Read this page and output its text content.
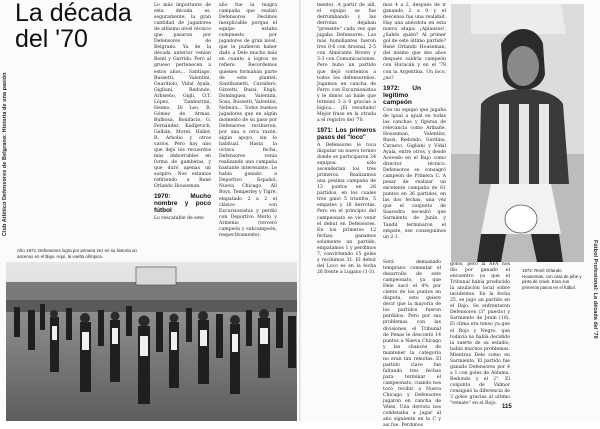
Club Atlético Defensores de Belgrano: Historia de una pasión
La década
del '70

Lo más importante de esta década es, seguramente, la gran cantidad de jugadores de altísimo nivel técnico que pasaron por Defensores de Belgrano. Ya de la década anterior venían Bonti y Garrido. Pero al grueso pertenecen a estos años... Santiago, Bussetti, Valentini, Guardiolo, Vidal Ayala, Gigliani, Redondo, Arbiseño, Gigli, O.T. López, Tamburrini, Heimo, Di Leo, R. Gómez de Armas, Bulhosa, Bonifacio, G. Fernández, Kadijevich, Galbán, Morel, Haller, R. Arbolio y otros varios. Pero hay uno que dejó los recuerdos más imborrables en forma de gambetas, y que duró apenas un suspiro. Nos estamos refiriendo a René Orlando Houseman.

1970: Mucho nombre y poco fútbol

Lo rescatable de este

año fue la magra campaña que realizó Defensores. Decimos inexplicable porque el equipo estaba compuesto por jugadores de gran nivel, que le pudieron haber dado a Dele mucho más en cuanto a logros se refiere. Recordemos quienes formaban parte de este plantel: Santibanetti, Cavallero, Gizzetti, Bussi, Engli, Domínguez, Valentini, Sosa, Bussetti, Valentini, Nebeira... Todos buenos jugadores que en algún momento de su paso por Defensores recibieron, por una u otra razón, algún apoyo, sin lo habitual. Hasta la octava fecha, Defensores venía realizando una campaña bastante interesante. Le había ganado a Deportivo Español, Nueva Chicago, All Boys, Temperley y Tigre, empatado 2 a 2 el clásico con Excursionistas y perdió con Deportivo Merlo y Armenio (tercero campeón y subcampeón, respectivamente).

Año 1972. Defensores logra por primera vez en su historia un ascenso en el Bajo. Aquí, la vuelta olímpica.

mente). A partir de allí, el equipo se fue derrumbando y las derrotas dejaban "presente" cada vez que jugaba Defensores. Las más humillantes fueron tres 0-6 con Arsenal, 2-5 con Almirante Brown y 3-3 con Comunicaciones. Pero hubo un partido que dejó contentos a todos los defensoreños. Jugamos en cancha de Ferro con Excursionistas y le dimos un baile que terminó 3 a 0 gracias a lógica... ¡El resultado! Mejor frase en la otrada a el registro del '70.

1971: Los primeros pasos del "loco"

A Defensores le toca disputar un nuevo torneo donde se participaron 24 equipos: sólo ascenderían los tres primeros. Realizamos una pésima campaña de 13 puntos en 26 partidos, en los cuales tres ganó 5 triunfos, 5 empates y 16 derrotas. Pero en el principio del campeonato se vio venir el debut en Defensores. En los primeros 12 fechas, ganamos solamente un partido, empatamos 1 y perdimos 7, convirtiendo 15 goles y recibimos 31. El debut del Loco es en la fecha 26 frente a Lugano (1-3).

Será demasiado temprano comentar el desarrollo de este campeonato, ya que Dele sacó el 4% por ciento de los puntos en disputa, esto quiere decir que la mayoría de los partidos fueron perdidos. Pero por sus problemas con las divisiones, el Tribunal de Penas le descontó 14 puntos a Nueva Chicago y las chances de mantener la categoría no eran tan remotas. El partido clave fue faltando tres fechas para terminar el campeonato, cuando nos tocó recibir a Nueva Chicago y Defensores jugaron en cancha de Vélez. Una derrota nos condenaba a jugar al año siguiente en la C y así fue. Perdimos

mos 4 a 2, después de ir ganando 2 a 0 y el descenso fue una realidad. Hay una anécdota en esta nueva etapa: ¡Aplausos!, ¿Sabés quién? Al primer gol de este último partido? René Orlando Houseman, del mismo que dos años después saldría campeón con Huracán y en el '78 con la Argentina. Un loco, ¿no?

1972: Un legítimo campeón

Con un equipo que jugaba de igual a igual en todas las canchas y figuras de relevancia como Aribañe, Houseman, Valentini, Bussi, Redondo, Gardino, Carasco, Gigliani y Vidal Ayala, entre otros, y desde Acevedo en el Bajo como director técnico. Defensores se consagró campeón de Primera C. A pesar de realizar un excelente campaña de 61 puntos en 36 partidos, en las dos fechas, una vez que el conjunto de Saavedra necesitó que Sarmiento de Junín y Tandil terminaron el empate, ese conseguimos un 2-1.

golos, pero la AFA nos dio por ganado el encuentro ya que el Tribunal había producido la anulación local sobre incidentes. En la fecha 25, se jugó un partido en el Bajo. Se enfrentaron Defensores (3° puesto) y Sarmiento de Junín (18). El clima era tenso ya que el Rojo y Negro, que todavía no había decidido la suerte de su estadio, había muchos problemas. Mientras Dele como en Sarmiento. El partido fue ganado Defensores por 4 a 1 con goles de Aldama, Redondo y el 2°. El conjunto de Valmor consiguió la diferencia de 3 goles gracias al ultimo "remate" en el Rojo.

1972. René Orlando Houseman, con cara de pibe y pinta de crack. Eran sus primeros pasos en el fútbol.	Fútbol Profesional: La década del '70
115
